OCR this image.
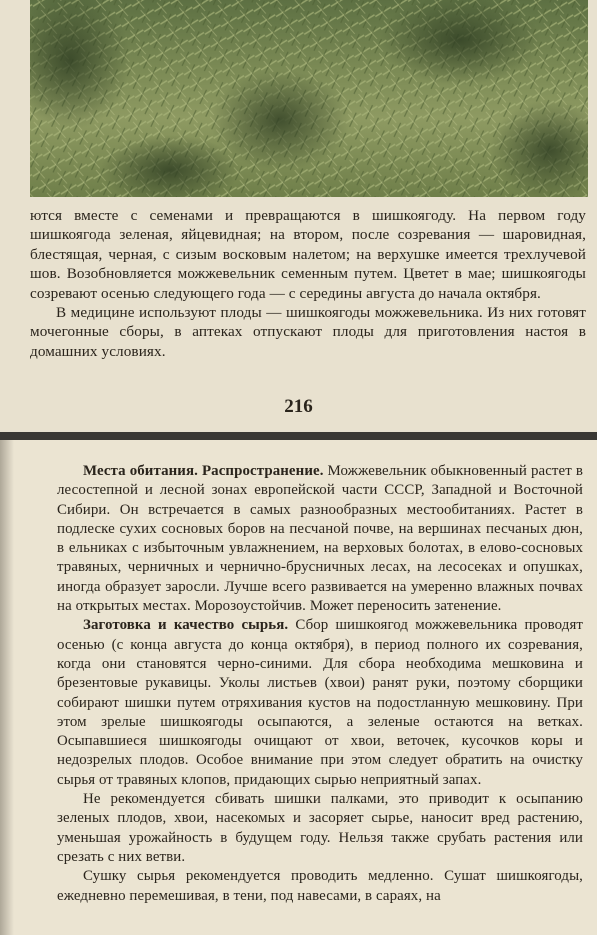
ются вместе с семенами и превращаются в шишкоягоду. На первом году шишкоягода зеленая, яйцевидная; на втором, после созревания — шаровидная, блестящая, черная, с сизым восковым налетом; на верхушке имеется трехлучевой шов. Возобновляется можжевельник семенным путем. Цветет в мае; шишкоягоды созревают осенью следующего года — с середины августа до начала октября.

В медицине используют плоды — шишкоягоды можжевельника. Из них готовят мочегонные сборы, в аптеках отпускают плоды для приготовления настоя в домашних условиях.

216

Места обитания. Распространение. Можжевельник обыкновенный растет в лесостепной и лесной зонах европейской части СССР, Западной и Восточной Сибири. Он встречается в самых разнообразных местообитаниях. Растет в подлеске сухих сосновых боров на песчаной почве, на вершинах песчаных дюн, в ельниках с избыточным увлажнением, на верховых болотах, в елово-сосновых травяных, черничных и чернично-брусничных лесах, на лесосеках и опушках, иногда образует заросли. Лучше всего развивается на умеренно влажных почвах на открытых местах. Морозоустойчив. Может переносить затенение.

Заготовка и качество сырья. Сбор шишкоягод можжевельника проводят осенью (с конца августа до конца октября), в период полного их созревания, когда они становятся черно-синими. Для сбора необходима мешковина и брезентовые рукавицы. Уколы листьев (хвои) ранят руки, поэтому сборщики собирают шишки путем отряхивания кустов на подостланную мешковину. При этом зрелые шишкоягоды осыпаются, а зеленые остаются на ветках. Осыпавшиеся шишкоягоды очищают от хвои, веточек, кусочков коры и недозрелых плодов. Особое внимание при этом следует обратить на очистку сырья от травяных клопов, придающих сырью неприятный запах.

Не рекомендуется сбивать шишки палками, это приводит к осыпанию зеленых плодов, хвои, насекомых и засоряет сырье, наносит вред растению, уменьшая урожайность в будущем году. Нельзя также срубать растения или срезать с них ветви.

Сушку сырья рекомендуется проводить медленно. Сушат шишкоягоды, ежедневно перемешивая, в тени, под навесами, в сараях, на
